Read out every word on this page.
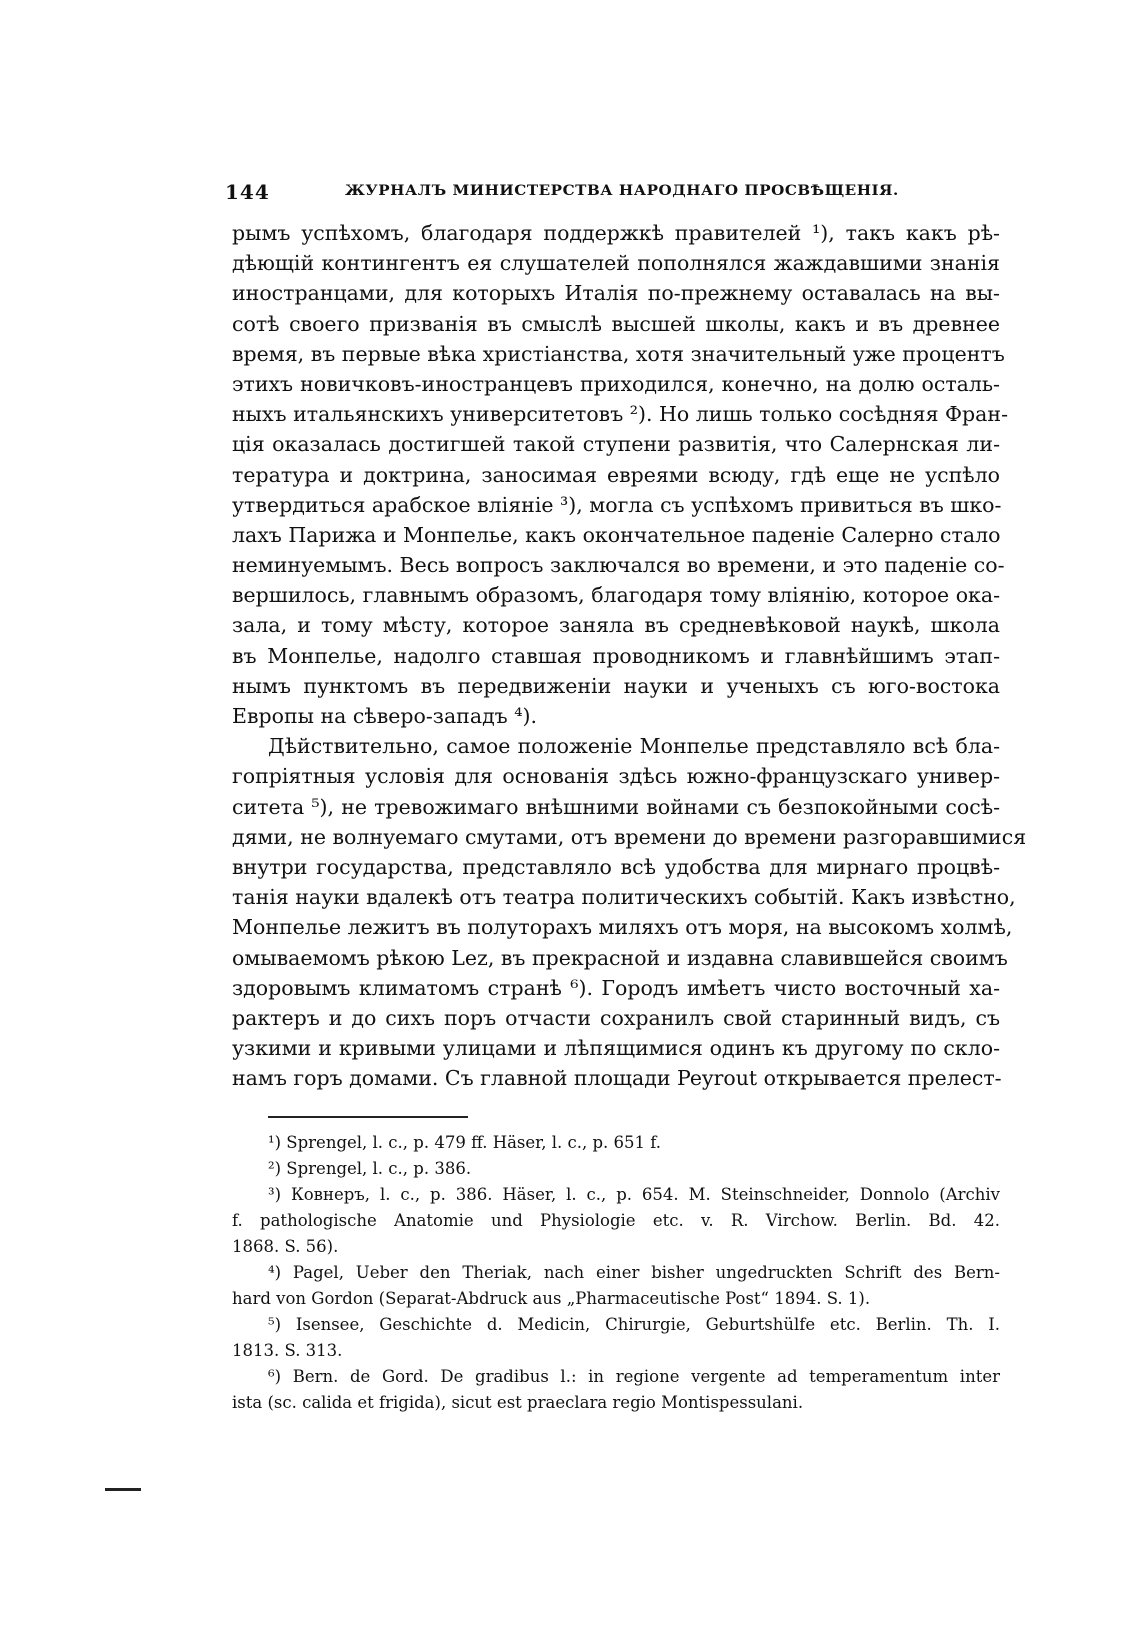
144	ЖУРНАЛЪ МИНИСТЕРСТВА НАРОДНАГО ПРОСВѢЩЕНІЯ.
рымъ успѣхомъ, благодаря поддержкѣ правителей ¹), такъ какъ рѣ-
дѣющій контингентъ ея слушателей пополнялся жаждавшими знанія
иностранцами, для которыхъ Италія по-прежнему оставалась на вы-
сотѣ своего призванія въ смыслѣ высшей школы, какъ и въ древнее
время, въ первые вѣка христіанства, хотя значительный уже процентъ
этихъ новичковъ-иностранцевъ приходился, конечно, на долю осталь-
ныхъ итальянскихъ университетовъ ²). Но лишь только сосѣдняя Фран-
ція оказалась достигшей такой ступени развитія, что Салернская ли-
тература и доктрина, заносимая евреями всюду, гдѣ еще не успѣло
утвердиться арабское вліяніе ³), могла съ успѣхомъ привиться въ шко-
лахъ Парижа и Монпелье, какъ окончательное паденіе Салерно стало
неминуемымъ. Весь вопросъ заключался во времени, и это паденіе со-
вершилось, главнымъ образомъ, благодаря тому вліянію, которое ока-
зала, и тому мѣсту, которое заняла въ средневѣковой наукѣ, школа
въ Монпелье, надолго ставшая проводникомъ и главнѣйшимъ этап-
нымъ пунктомъ въ передвиженіи науки и ученыхъ съ юго-востока
Европы на сѣверо-западъ ⁴).
Дѣйствительно, самое положеніе Монпелье представляло всѣ бла-
гопріятныя условія для основанія здѣсь южно-французскаго универ-
ситета ⁵), не тревожимаго внѣшними войнами съ безпокойными сосѣ-
дями, не волнуемаго смутами, отъ времени до времени разгоравшимися
внутри государства, представляло всѣ удобства для мирнаго процвѣ-
танія науки вдалекѣ отъ театра политическихъ событій. Какъ извѣстно,
Монпелье лежитъ въ полуторахъ миляхъ отъ моря, на высокомъ холмѣ,
омываемомъ рѣкою Lez, въ прекрасной и издавна славившейся своимъ
здоровымъ климатомъ странѣ ⁶). Городъ имѣетъ чисто восточный ха-
рактеръ и до сихъ поръ отчасти сохранилъ свой старинный видъ, съ
узкими и кривыми улицами и лѣпящимися одинъ къ другому по скло-
намъ горъ домами. Съ главной площади Peyrout открывается прелест-
¹) Sprengel, l. c., p. 479 ff. Häser, l. c., p. 651 f.
²) Sprengel, l. c., p. 386.
³) Ковнеръ, l. c., p. 386. Häser, l. c., p. 654. M. Steinschneider, Donnolo (Archiv
f. pathologische Anatomie und Physiologie etc. v. R. Virchow. Berlin. Bd. 42.
1868. S. 56).
⁴) Pagel, Ueber den Theriak, nach einer bisher ungedruckten Schrift des Bern-
hard von Gordon (Separat-Abdruck aus „Pharmaceutische Post“ 1894. S. 1).
⁵) Isensee, Geschichte d. Medicin, Chirurgie, Geburtshülfe etc. Berlin. Th. I.
1813. S. 313.
⁶) Bern. de Gord. De gradibus l.: in regione vergente ad temperamentum inter
ista (sc. calida et frigida), sicut est praeclara regio Montispessulani.
